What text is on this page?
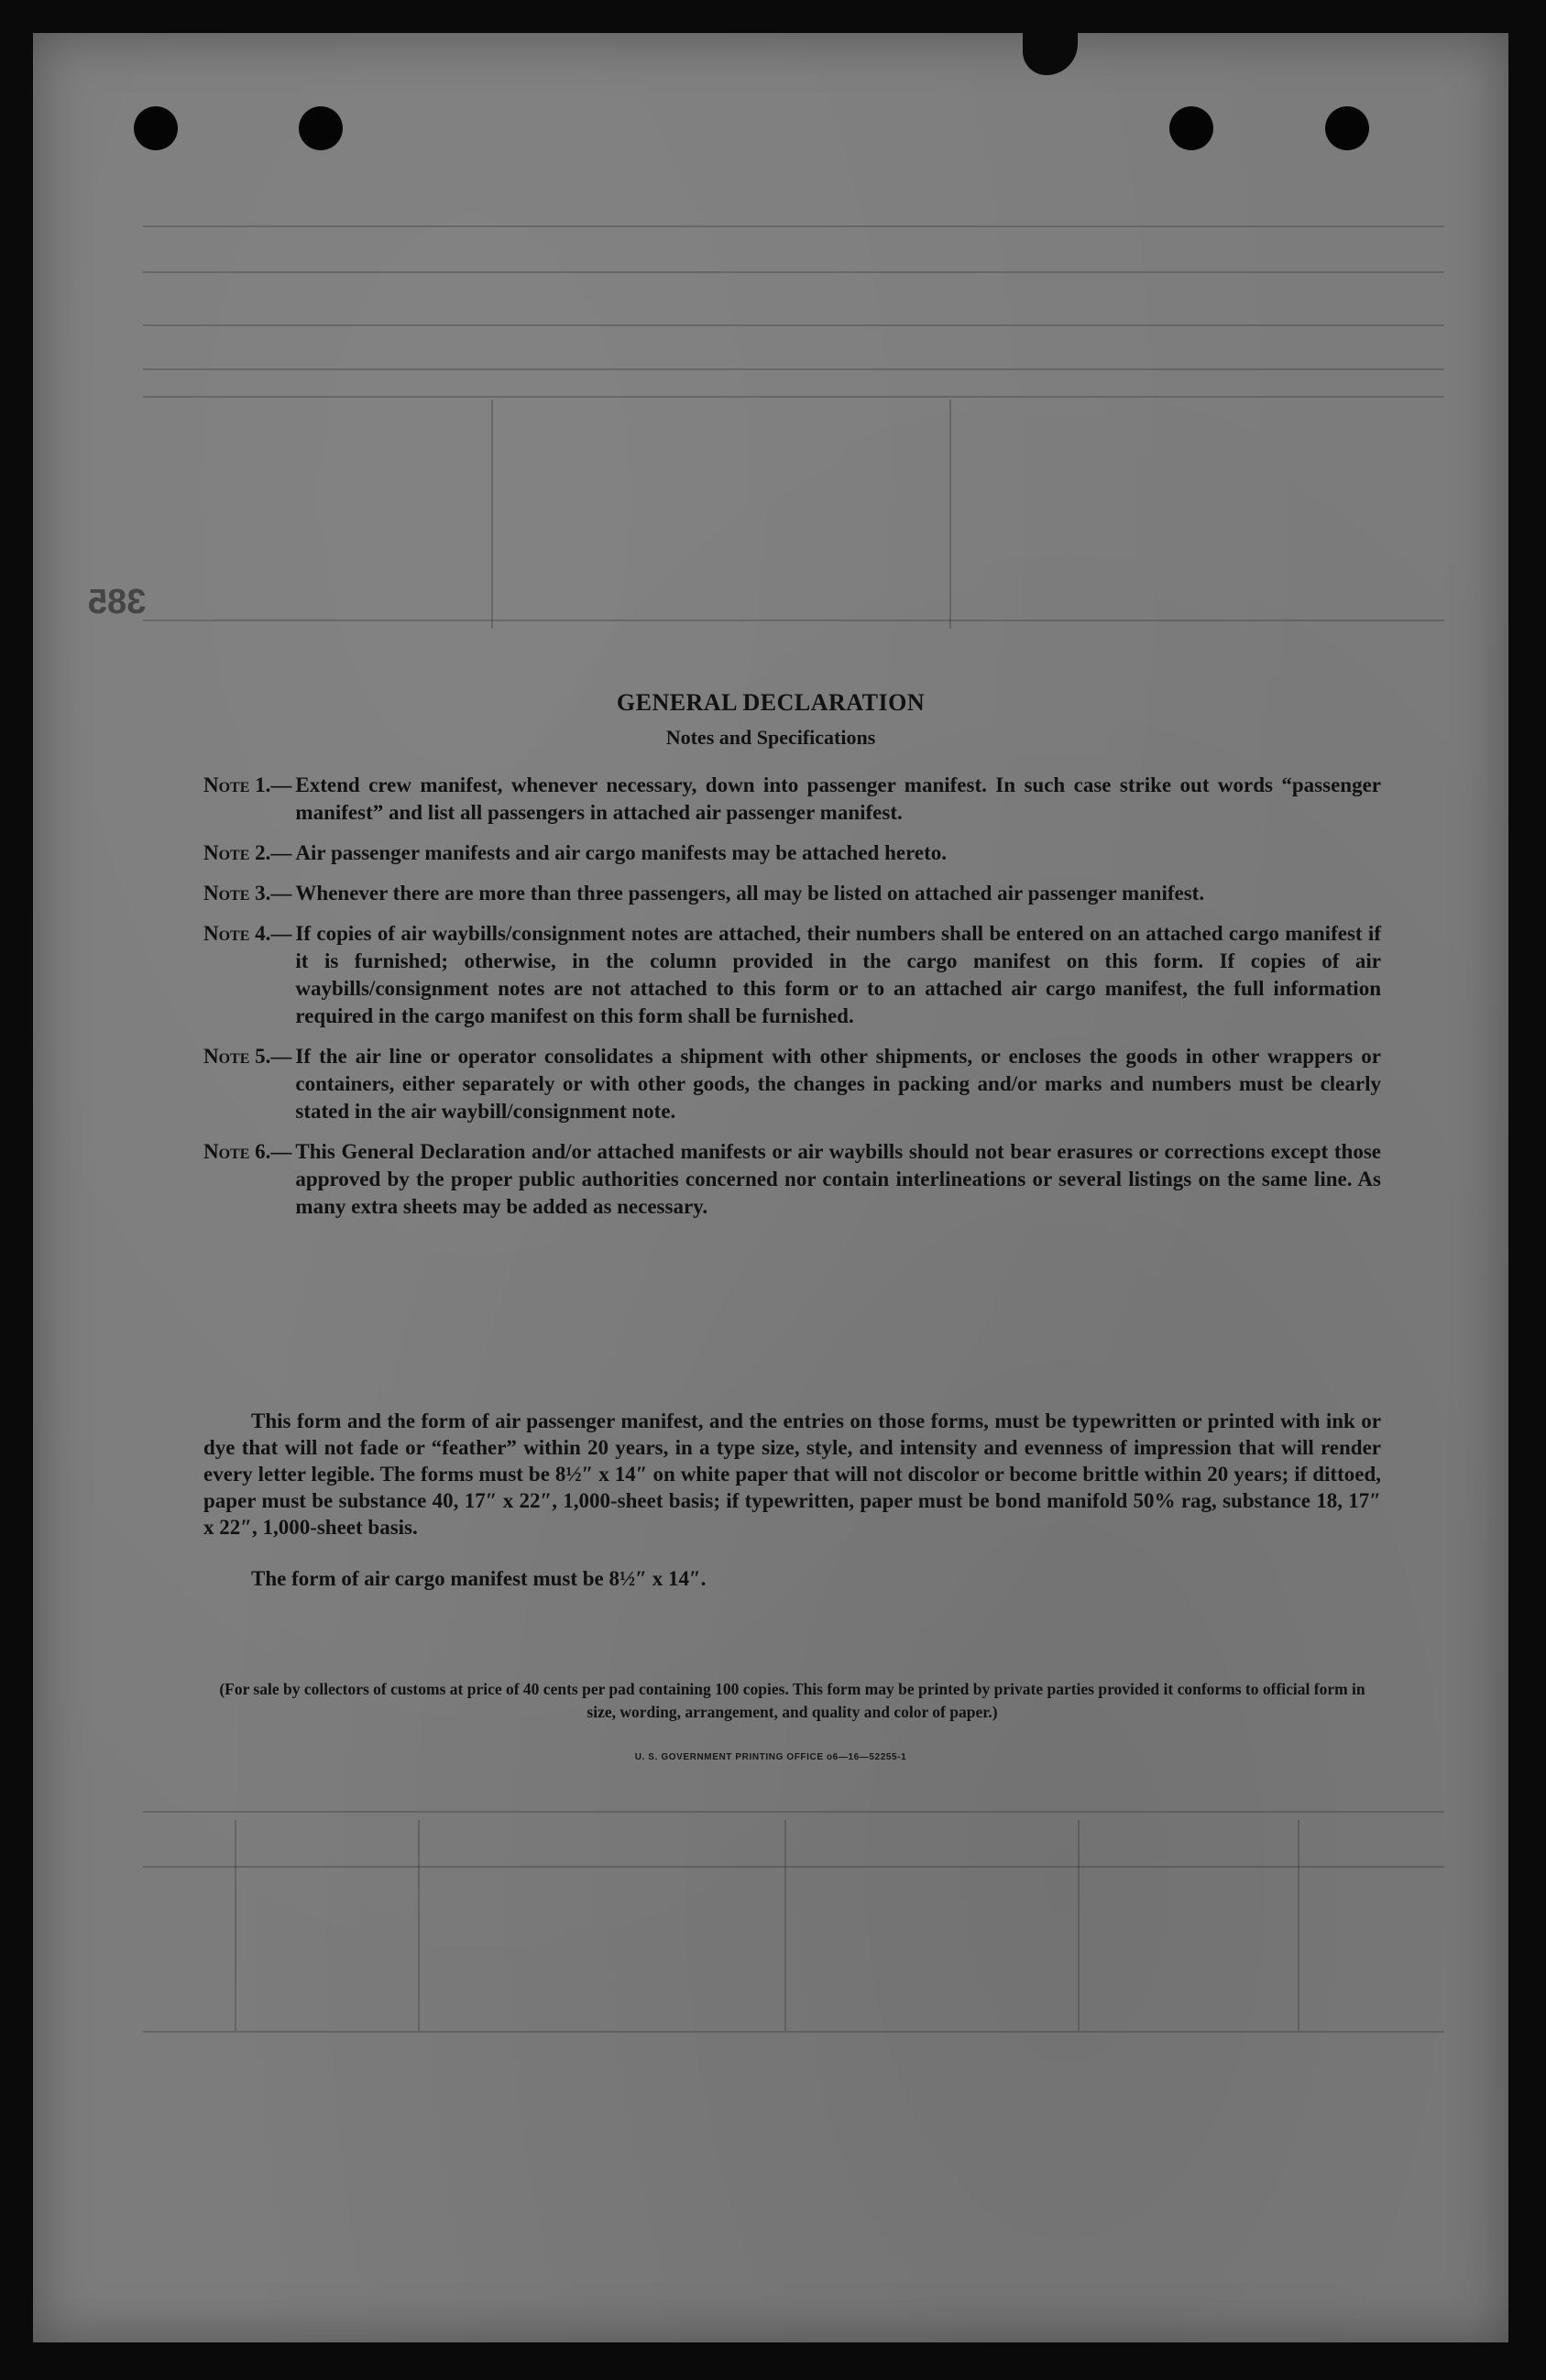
385
GENERAL DECLARATION
Notes and Specifications
Note 1.— Extend crew manifest, whenever necessary, down into passenger manifest. In such case strike out words “passenger manifest” and list all passengers in attached air passenger manifest.
Note 2.— Air passenger manifests and air cargo manifests may be attached hereto.
Note 3.— Whenever there are more than three passengers, all may be listed on attached air passenger manifest.
Note 4.— If copies of air waybills/consignment notes are attached, their numbers shall be entered on an attached cargo manifest if it is furnished; otherwise, in the column provided in the cargo manifest on this form. If copies of air waybills/consignment notes are not attached to this form or to an attached air cargo manifest, the full information required in the cargo manifest on this form shall be furnished.
Note 5.— If the air line or operator consolidates a shipment with other shipments, or encloses the goods in other wrappers or containers, either separately or with other goods, the changes in packing and/or marks and numbers must be clearly stated in the air waybill/consignment note.
Note 6.— This General Declaration and/or attached manifests or air waybills should not bear erasures or corrections except those approved by the proper public authorities concerned nor contain interlineations or several listings on the same line. As many extra sheets may be added as necessary.
This form and the form of air passenger manifest, and the entries on those forms, must be typewritten or printed with ink or dye that will not fade or “feather” within 20 years, in a type size, style, and intensity and evenness of impression that will render every letter legible. The forms must be 8½″ x 14″ on white paper that will not discolor or become brittle within 20 years; if dittoed, paper must be substance 40, 17″ x 22″, 1,000-sheet basis; if typewritten, paper must be bond manifold 50% rag, substance 18, 17″ x 22″, 1,000-sheet basis.
The form of air cargo manifest must be 8½″ x 14″.
(For sale by collectors of customs at price of 40 cents per pad containing 100 copies. This form may be printed by private parties provided it conforms to official form in size, wording, arrangement, and quality and color of paper.)
U. S. GOVERNMENT PRINTING OFFICE o6—16—52255-1
